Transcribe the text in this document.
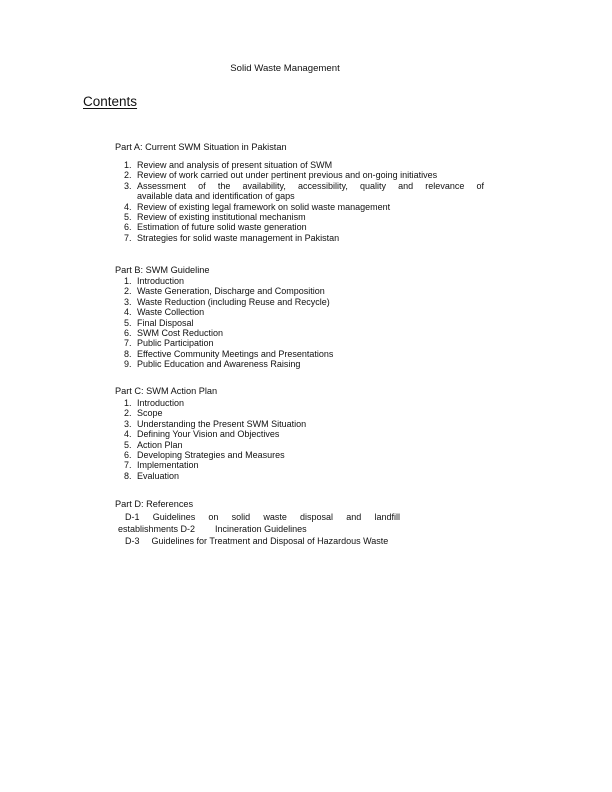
Solid Waste Management
Contents
Part A: Current SWM Situation in Pakistan
1. Review and analysis of present situation of SWM
2. Review of work carried out under pertinent previous and on-going initiatives
3. Assessment of the availability, accessibility, quality and relevance of
available data and identification of gaps
4. Review of existing legal framework on solid waste management
5. Review of existing institutional mechanism
6. Estimation of future solid waste generation
7. Strategies for solid waste management in Pakistan
Part B: SWM Guideline
1. Introduction
2. Waste Generation, Discharge and Composition
3. Waste Reduction (including Reuse and Recycle)
4. Waste Collection
5. Final Disposal
6. SWM Cost Reduction
7. Public Participation
8. Effective Community Meetings and Presentations
9. Public Education and Awareness Raising
Part C: SWM Action Plan
1. Introduction
2. Scope
3. Understanding the Present SWM Situation
4. Defining Your Vision and Objectives
5. Action Plan
6. Developing Strategies and Measures
7. Implementation
8. Evaluation
Part D: References
D-1 Guidelines on solid waste disposal and landfill
establishments D-2 Incineration Guidelines
D-3 Guidelines for Treatment and Disposal of Hazardous Waste
